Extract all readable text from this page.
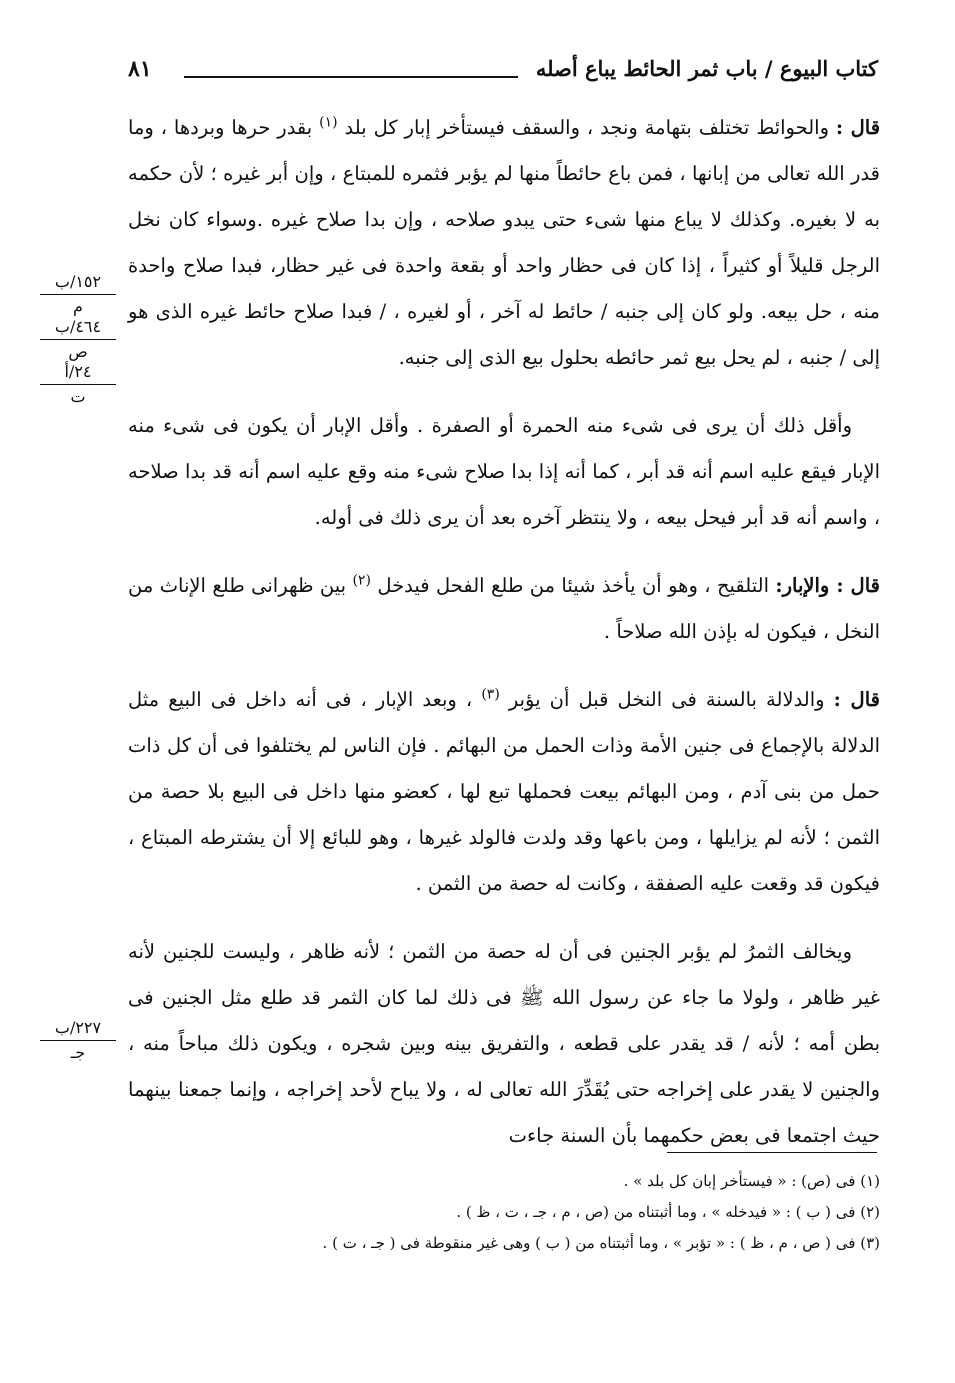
كتاب البيوع / باب ثمر الحائط يباع أصله
٨١
١٥٢/ب
م
٤٦٤/ب
ص
٢٤/أ
ت
٢٢٧/ب
جـ

قال : والحوائط تختلف بتهامة ونجد ، والسقف فيستأخر إبار كل بلد $^{(١)}$ بقدر حرها وبردها ، وما قدر الله تعالى من إبانها ، فمن باع حائطاً منها لم يؤبر فثمره للمبتاع ، وإن أبر غيره ؛ لأن حكمه به لا بغيره. وكذلك لا يباع منها شىء حتى يبدو صلاحه ، وإن بدا صلاح غيره .وسواء كان نخل الرجل قليلاً أو كثيراً ، إذا كان فى حظار واحد أو بقعة واحدة فى غير حظار، فبدا صلاح واحدة منه ، حل بيعه. ولو كان إلى جنبه / حائط له آخر ، أو لغيره ، / فبدا صلاح حائط غيره الذى هو إلى / جنبه ، لم يحل بيع ثمر حائطه بحلول بيع الذى إلى جنبه.

وأقل ذلك أن يرى فى شىء منه الحمرة أو الصفرة . وأقل الإبار أن يكون فى شىء منه الإبار فيقع عليه اسم أنه قد أبر ، كما أنه إذا بدا صلاح شىء منه وقع عليه اسم أنه قد بدا صلاحه ، واسم أنه قد أبر فيحل بيعه ، ولا ينتظر آخره بعد أن يرى ذلك فى أوله.

قال : والإبار: التلقيح ، وهو أن يأخذ شيئا من طلع الفحل فيدخل $^{(٢)}$ بين ظهرانى طلع الإناث من النخل ، فيكون له بإذن الله صلاحاً .

قال : والدلالة بالسنة فى النخل قبل أن يؤبر $^{(٣)}$ ، وبعد الإبار ، فى أنه داخل فى البيع مثل الدلالة بالإجماع فى جنين الأمة وذات الحمل من البهائم . فإن الناس لم يختلفوا فى أن كل ذات حمل من بنى آدم ، ومن البهائم بيعت فحملها تبع لها ، كعضو منها داخل فى البيع بلا حصة من الثمن ؛ لأنه لم يزايلها ، ومن باعها وقد ولدت فالولد غيرها ، وهو للبائع إلا أن يشترطه المبتاع ، فيكون قد وقعت عليه الصفقة ، وكانت له حصة من الثمن .

ويخالف الثمرُ لم يؤبر الجنين فى أن له حصة من الثمن ؛ لأنه ظاهر ، وليست للجنين لأنه غير ظاهر ، ولولا ما جاء عن رسول الله ﷺ فى ذلك لما كان الثمر قد طلع مثل الجنين فى بطن أمه ؛ لأنه / قد يقدر على قطعه ، والتفريق بينه وبين شجره ، ويكون ذلك مباحاً منه ، والجنين لا يقدر على إخراجه حتى يُقَدِّرَ الله تعالى له ، ولا يباح لأحد إخراجه ، وإنما جمعنا بينهما حيث اجتمعا فى بعض حكمهما بأن السنة جاءت

(١) فى (ص) : « فيستأخر إبان كل بلد » .
(٢) فى ( ب ) : « فيدخله » ، وما أثبتناه من (ص ، م ، جـ ، ت ، ظ ) .
(٣) فى ( ص ، م ، ظ ) : « تؤبر » ، وما أثبتناه من ( ب ) وهى غير منقوطة فى ( جـ ، ت ) .
